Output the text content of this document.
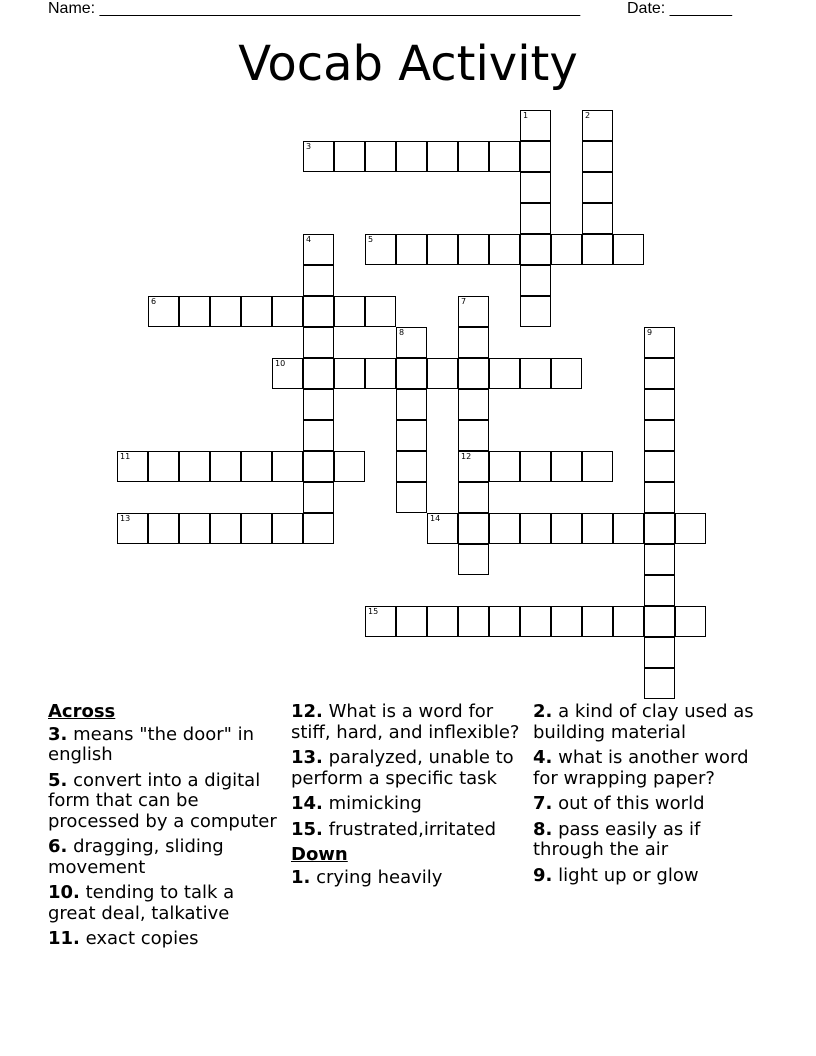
Name: ______________________________________________________	Date: _______
Vocab Activity
1	2
3
4	5
6	7
12
8	9
10
11
13	14
15
Across
3. means "the door" in english
5. convert into a digital form that can be processed by a computer
6. dragging, sliding movement
10. tending to talk a great deal, talkative
11. exact copies
12. What is a word for stiff, hard, and inflexible?
13. paralyzed, unable to perform a specific task
14. mimicking
15. frustrated,irritated
Down
1. crying heavily
2. a kind of clay used as building material
4. what is another word for wrapping paper?
7. out of this world
8. pass easily as if through the air
9. light up or glow
